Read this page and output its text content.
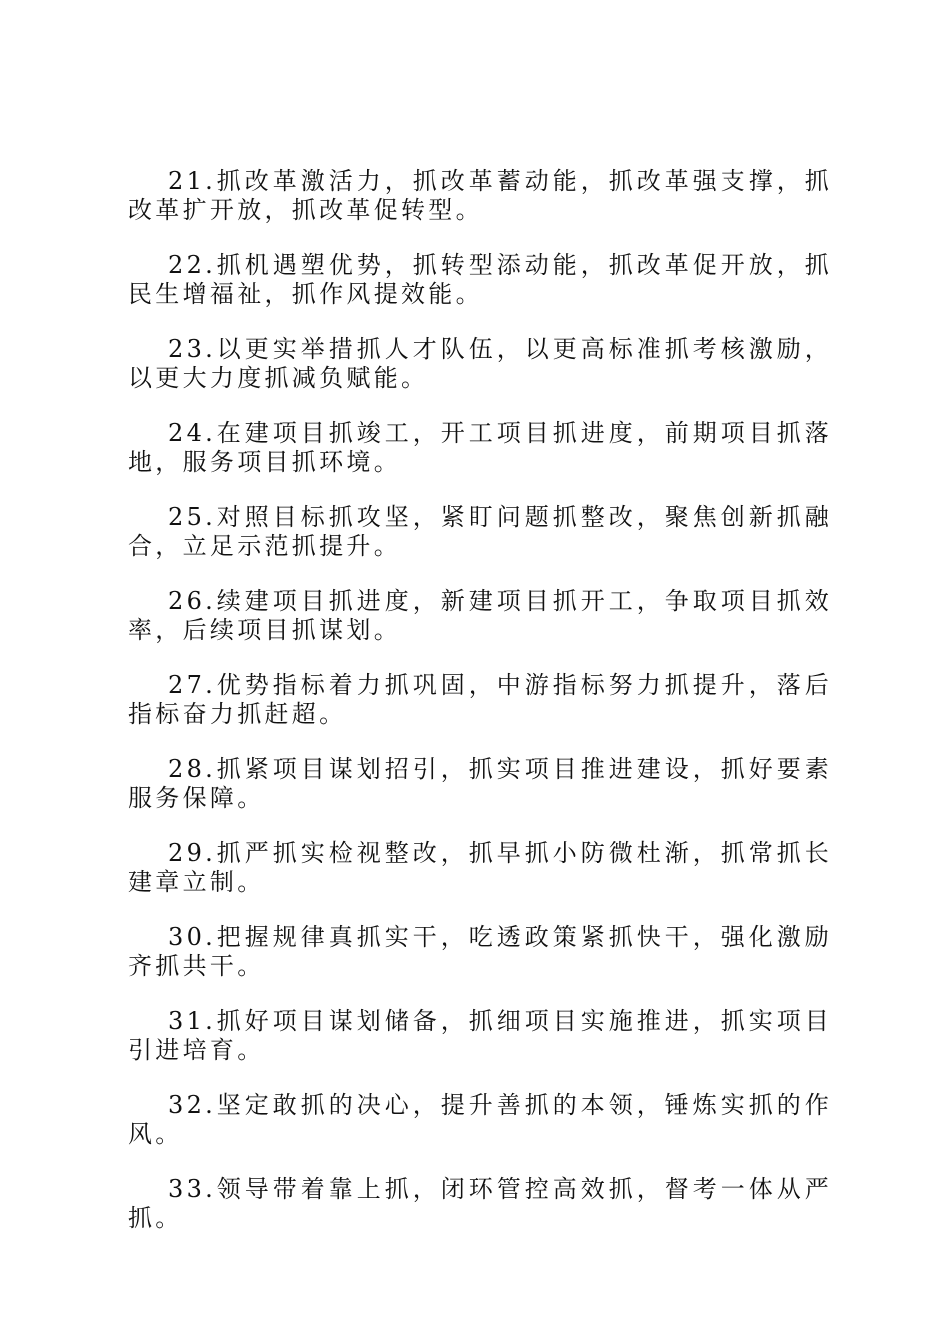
21.抓改革激活力，抓改革蓄动能，抓改革强支撑，抓改革扩开放，抓改革促转型。

22.抓机遇塑优势，抓转型添动能，抓改革促开放，抓民生增福祉，抓作风提效能。

23.以更实举措抓人才队伍，以更高标准抓考核激励，以更大力度抓减负赋能。

24.在建项目抓竣工，开工项目抓进度，前期项目抓落地，服务项目抓环境。

25.对照目标抓攻坚，紧盯问题抓整改，聚焦创新抓融合，立足示范抓提升。

26.续建项目抓进度，新建项目抓开工，争取项目抓效率，后续项目抓谋划。

27.优势指标着力抓巩固，中游指标努力抓提升，落后指标奋力抓赶超。

28.抓紧项目谋划招引，抓实项目推进建设，抓好要素服务保障。

29.抓严抓实检视整改，抓早抓小防微杜渐，抓常抓长建章立制。

30.把握规律真抓实干，吃透政策紧抓快干，强化激励齐抓共干。

31.抓好项目谋划储备，抓细项目实施推进，抓实项目引进培育。

32.坚定敢抓的决心，提升善抓的本领，锤炼实抓的作风。

33.领导带着靠上抓，闭环管控高效抓，督考一体从严抓。
